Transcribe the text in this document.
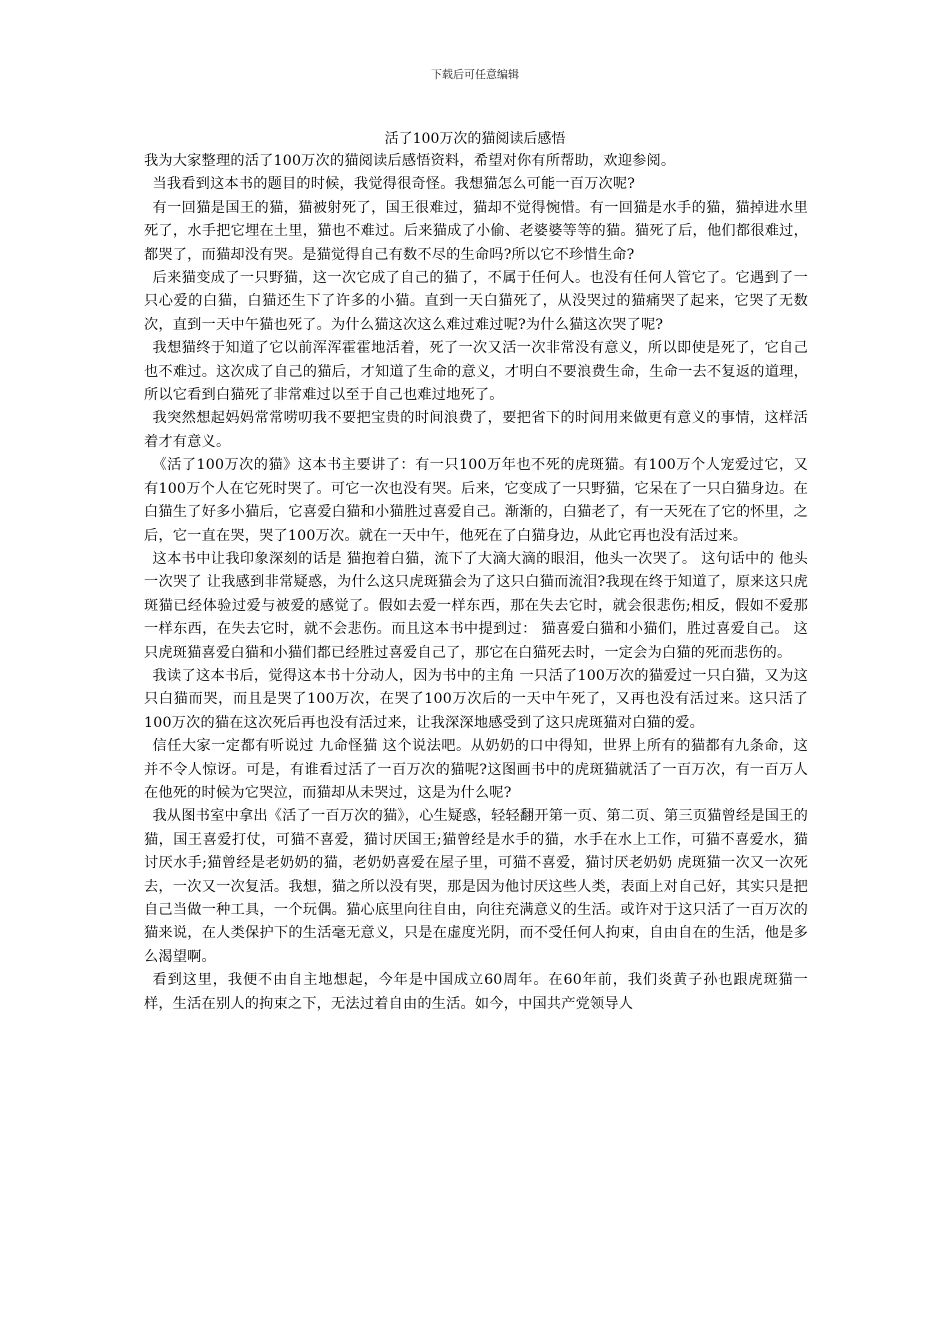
下载后可任意编辑
活了100万次的猫阅读后感悟

我为大家整理的活了100万次的猫阅读后感悟资料，希望对你有所帮助，欢迎参阅。

当我看到这本书的题目的时候，我觉得很奇怪。我想猫怎么可能一百万次呢?

有一回猫是国王的猫，猫被射死了，国王很难过，猫却不觉得惋惜。有一回猫是水手的猫，猫掉进水里死了，水手把它埋在土里，猫也不难过。后来猫成了小偷、老婆婆等等的猫。猫死了后，他们都很难过，都哭了，而猫却没有哭。是猫觉得自己有数不尽的生命吗?所以它不珍惜生命?

后来猫变成了一只野猫，这一次它成了自己的猫了，不属于任何人。也没有任何人管它了。它遇到了一只心爱的白猫，白猫还生下了许多的小猫。直到一天白猫死了，从没哭过的猫痛哭了起来，它哭了无数次，直到一天中午猫也死了。为什么猫这次这么难过难过呢?为什么猫这次哭了呢?

我想猫终于知道了它以前浑浑霍霍地活着，死了一次又活一次非常没有意义，所以即使是死了，它自己也不难过。这次成了自己的猫后，才知道了生命的意义，才明白不要浪费生命，生命一去不复返的道理，所以它看到白猫死了非常难过以至于自己也难过地死了。

我突然想起妈妈常常唠叨我不要把宝贵的时间浪费了，要把省下的时间用来做更有意义的事情，这样活着才有意义。

《活了100万次的猫》这本书主要讲了：有一只100万年也不死的虎斑猫。有100万个人宠爱过它，又有100万个人在它死时哭了。可它一次也没有哭。后来，它变成了一只野猫，它呆在了一只白猫身边。在白猫生了好多小猫后，它喜爱白猫和小猫胜过喜爱自己。渐渐的，白猫老了，有一天死在了它的怀里，之后，它一直在哭，哭了100万次。就在一天中午，他死在了白猫身边，从此它再也没有活过来。

这本书中让我印象深刻的话是 猫抱着白猫，流下了大滴大滴的眼泪，他头一次哭了。 这句话中的 他头一次哭了 让我感到非常疑惑，为什么这只虎斑猫会为了这只白猫而流泪?我现在终于知道了，原来这只虎斑猫已经体验过爱与被爱的感觉了。假如去爱一样东西，那在失去它时，就会很悲伤;相反，假如不爱那一样东西，在失去它时，就不会悲伤。而且这本书中提到过： 猫喜爱白猫和小猫们，胜过喜爱自己。 这只虎斑猫喜爱白猫和小猫们都已经胜过喜爱自己了，那它在白猫死去时，一定会为白猫的死而悲伤的。

我读了这本书后，觉得这本书十分动人，因为书中的主角 一只活了100万次的猫爱过一只白猫，又为这只白猫而哭，而且是哭了100万次，在哭了100万次后的一天中午死了，又再也没有活过来。这只活了100万次的猫在这次死后再也没有活过来，让我深深地感受到了这只虎斑猫对白猫的爱。

信任大家一定都有听说过 九命怪猫 这个说法吧。从奶奶的口中得知，世界上所有的猫都有九条命，这并不令人惊讶。可是，有谁看过活了一百万次的猫呢?这图画书中的虎斑猫就活了一百万次，有一百万人在他死的时候为它哭泣，而猫却从未哭过，这是为什么呢?

我从图书室中拿出《活了一百万次的猫》，心生疑惑，轻轻翻开第一页、第二页、第三页猫曾经是国王的猫，国王喜爱打仗，可猫不喜爱，猫讨厌国王;猫曾经是水手的猫，水手在水上工作，可猫不喜爱水，猫讨厌水手;猫曾经是老奶奶的猫，老奶奶喜爱在屋子里，可猫不喜爱，猫讨厌老奶奶 虎斑猫一次又一次死去，一次又一次复活。我想，猫之所以没有哭，那是因为他讨厌这些人类，表面上对自己好，其实只是把自己当做一种工具，一个玩偶。猫心底里向往自由，向往充满意义的生活。或许对于这只活了一百万次的猫来说，在人类保护下的生活毫无意义，只是在虚度光阴，而不受任何人拘束，自由自在的生活，他是多么渴望啊。

看到这里，我便不由自主地想起，今年是中国成立60周年。在60年前，我们炎黄子孙也跟虎斑猫一样，生活在别人的拘束之下，无法过着自由的生活。如今，中国共产党领导人
